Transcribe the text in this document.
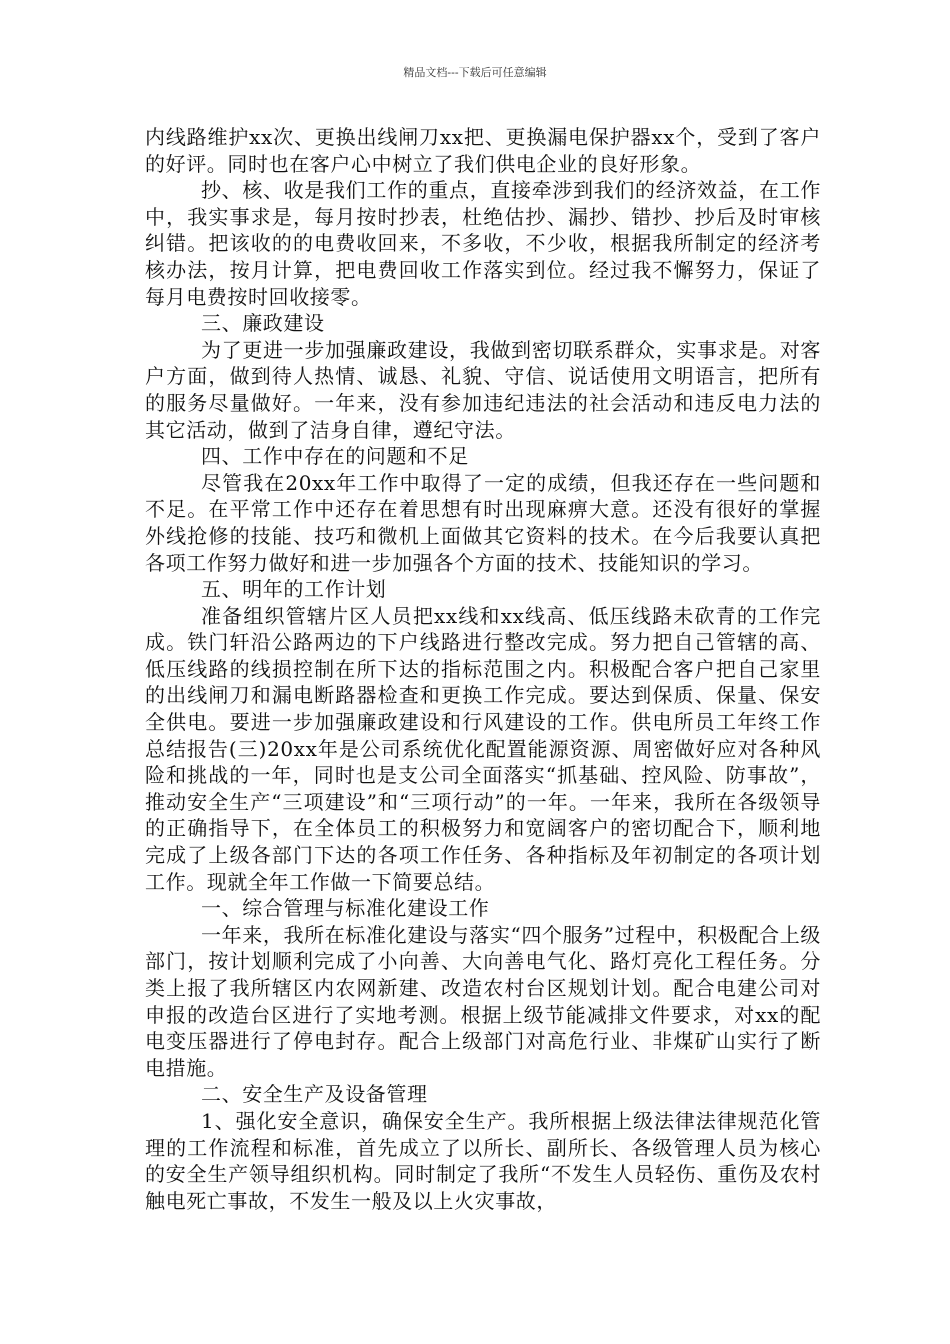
精品文档---下载后可任意编辑

内线路维护xx次、更换出线闸刀xx把、更换漏电保护器xx个，受到了客户的好评。同时也在客户心中树立了我们供电企业的良好形象。

抄、核、收是我们工作的重点，直接牵涉到我们的经济效益，在工作中，我实事求是，每月按时抄表，杜绝估抄、漏抄、错抄、抄后及时审核纠错。把该收的的电费收回来，不多收，不少收，根据我所制定的经济考核办法，按月计算，把电费回收工作落实到位。经过我不懈努力，保证了每月电费按时回收接零。

三、廉政建设

为了更进一步加强廉政建设，我做到密切联系群众，实事求是。对客户方面，做到待人热情、诚恳、礼貌、守信、说话使用文明语言，把所有的服务尽量做好。一年来，没有参加违纪违法的社会活动和违反电力法的其它活动，做到了洁身自律，遵纪守法。

四、工作中存在的问题和不足

尽管我在20xx年工作中取得了一定的成绩，但我还存在一些问题和不足。在平常工作中还存在着思想有时出现麻痹大意。还没有很好的掌握外线抢修的技能、技巧和微机上面做其它资料的技术。在今后我要认真把各项工作努力做好和进一步加强各个方面的技术、技能知识的学习。

五、明年的工作计划

准备组织管辖片区人员把xx线和xx线高、低压线路未砍青的工作完成。铁门轩沿公路两边的下户线路进行整改完成。努力把自己管辖的高、低压线路的线损控制在所下达的指标范围之内。积极配合客户把自己家里的出线闸刀和漏电断路器检查和更换工作完成。要达到保质、保量、保安全供电。要进一步加强廉政建设和行风建设的工作。供电所员工年终工作总结报告(三)20xx年是公司系统优化配置能源资源、周密做好应对各种风险和挑战的一年，同时也是支公司全面落实“抓基础、控风险、防事故”，推动安全生产“三项建设”和“三项行动”的一年。一年来，我所在各级领导的正确指导下，在全体员工的积极努力和宽阔客户的密切配合下，顺利地完成了上级各部门下达的各项工作任务、各种指标及年初制定的各项计划工作。现就全年工作做一下简要总结。

一、综合管理与标准化建设工作

一年来，我所在标准化建设与落实“四个服务”过程中，积极配合上级部门，按计划顺利完成了小向善、大向善电气化、路灯亮化工程任务。分类上报了我所辖区内农网新建、改造农村台区规划计划。配合电建公司对申报的改造台区进行了实地考测。根据上级节能减排文件要求，对xx的配电变压器进行了停电封存。配合上级部门对高危行业、非煤矿山实行了断电措施。

二、安全生产及设备管理

1、强化安全意识，确保安全生产。我所根据上级法律法律规范化管理的工作流程和标准，首先成立了以所长、副所长、各级管理人员为核心的安全生产领导组织机构。同时制定了我所“不发生人员轻伤、重伤及农村触电死亡事故，不发生一般及以上火灾事故，
